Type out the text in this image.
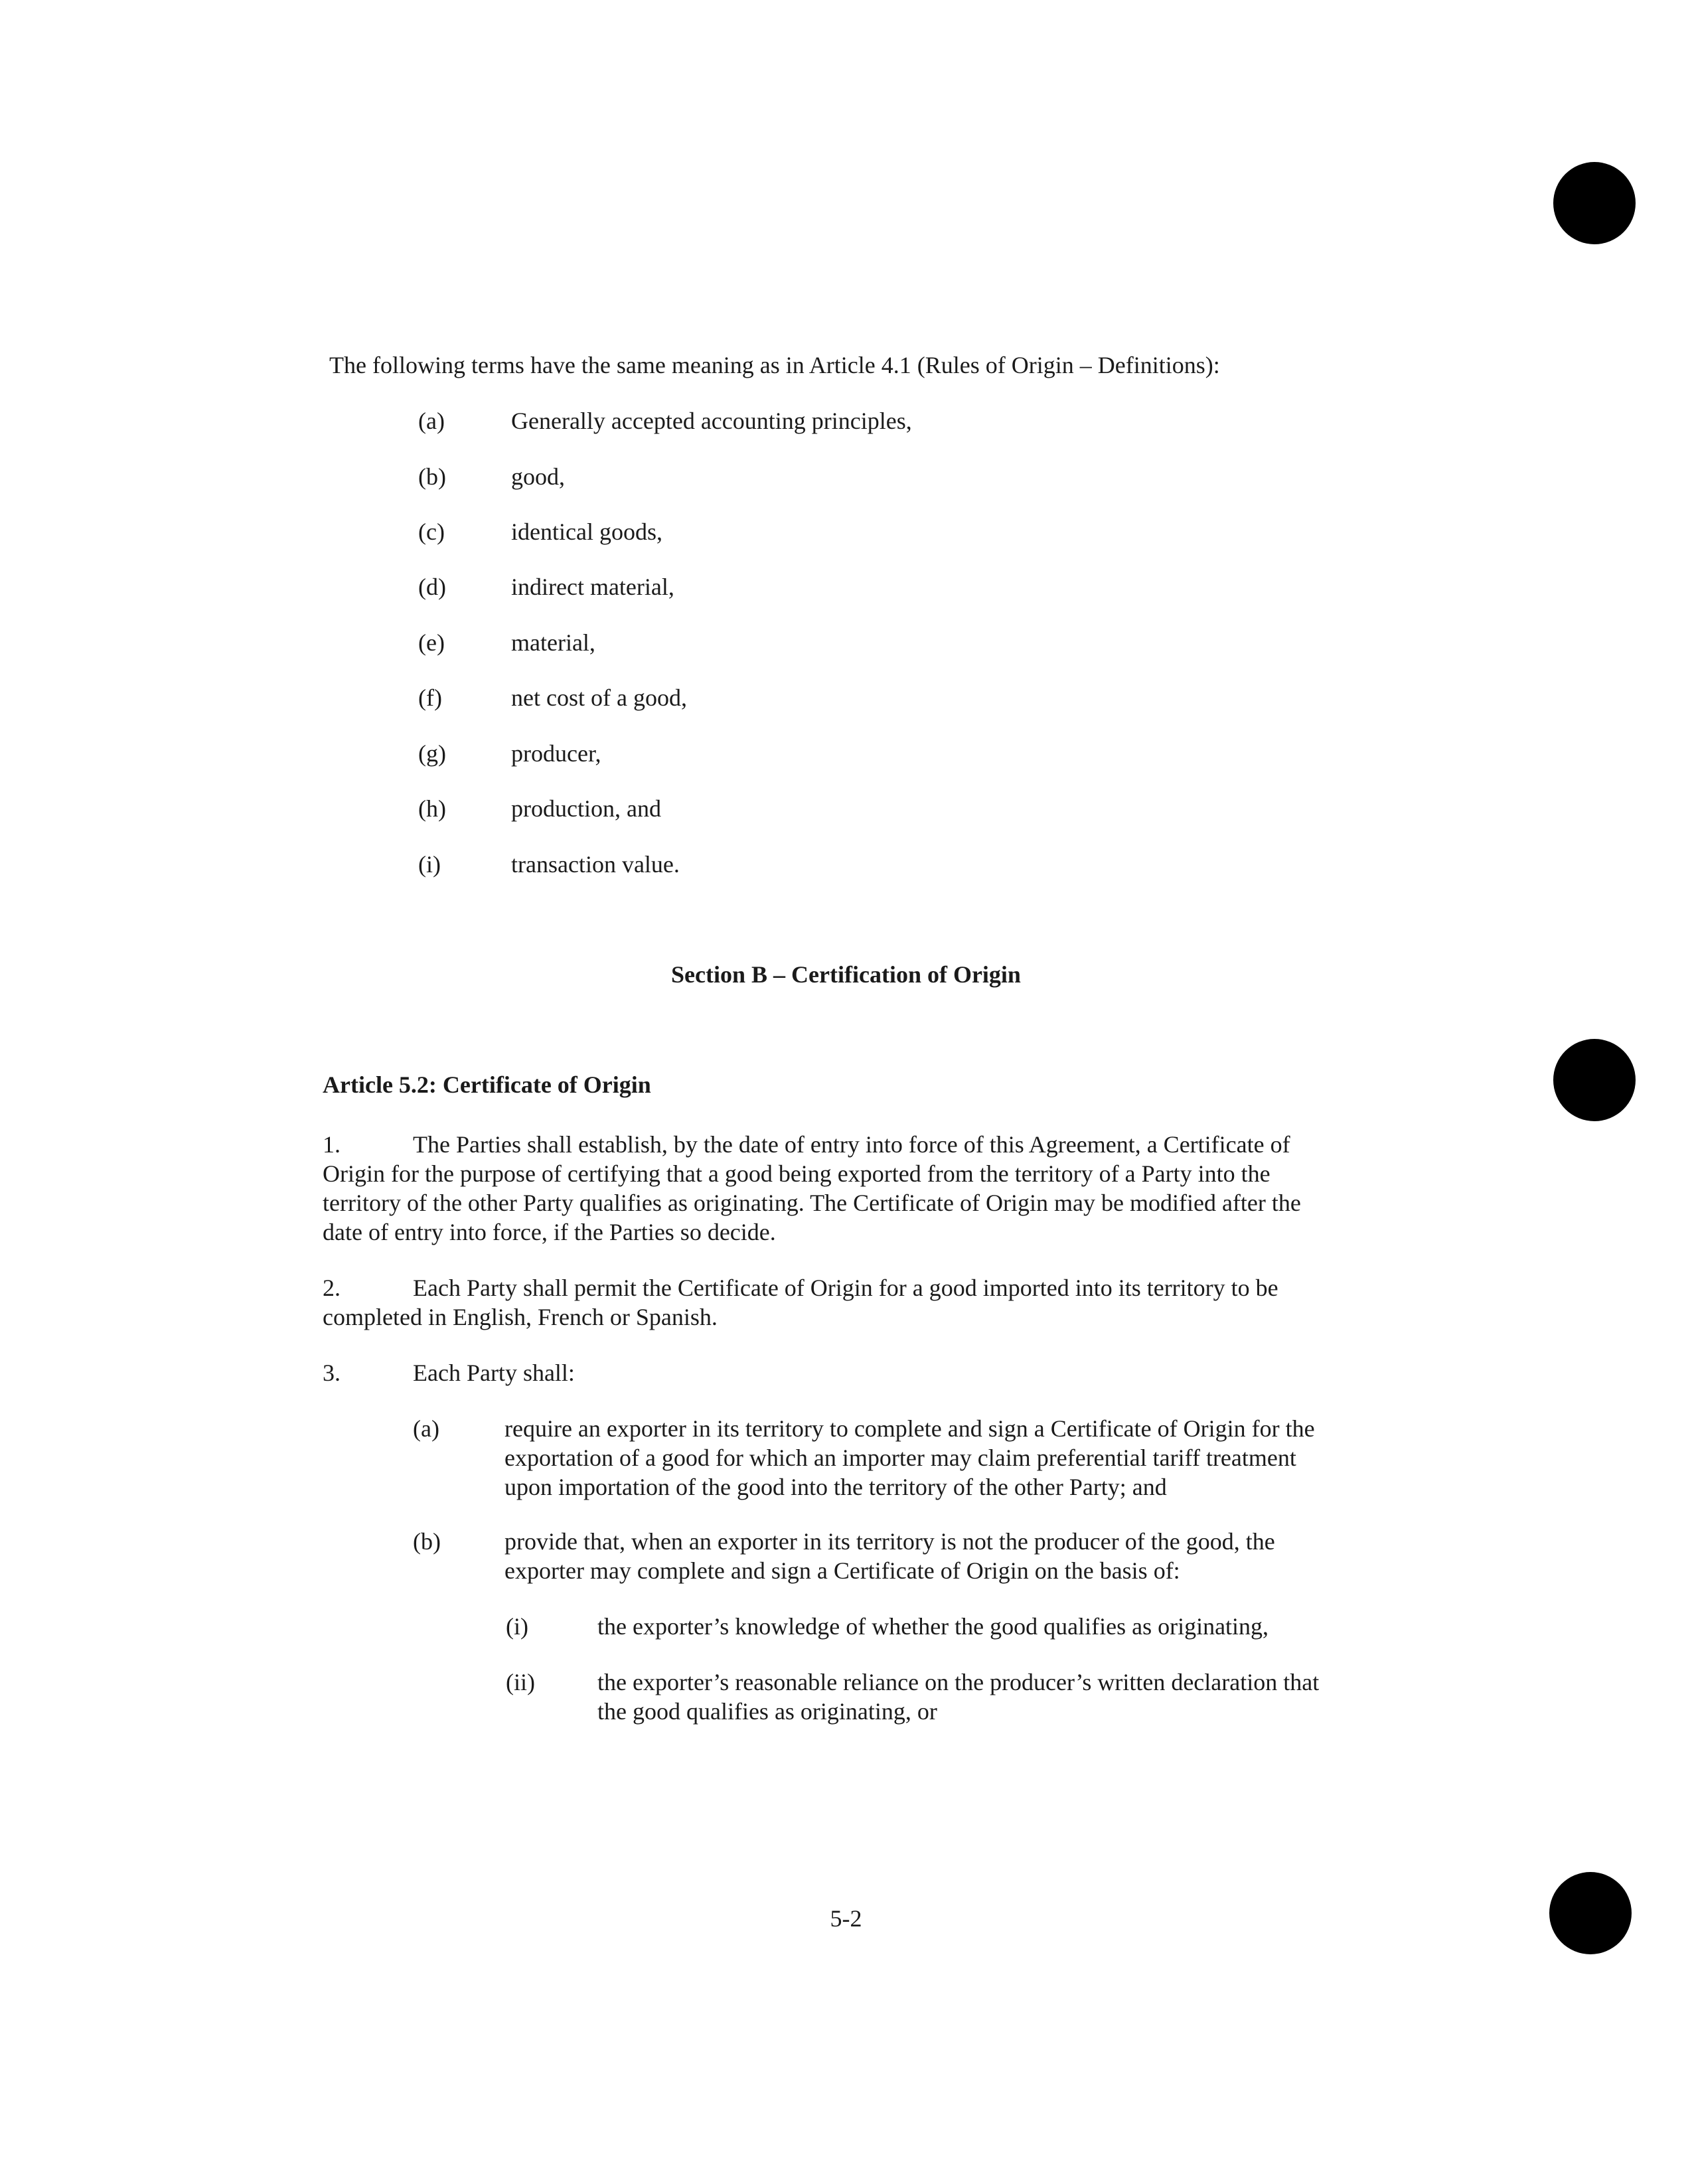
The following terms have the same meaning as in Article 4.1 (Rules of Origin – Definitions):
(a)	Generally accepted accounting principles,
(b)	good,
(c)	identical goods,
(d)	indirect material,
(e)	material,
(f)	net cost of a good,
(g)	producer,
(h)	production, and
(i)	transaction value.
Section B – Certification of Origin
Article 5.2: Certificate of Origin
1.	The Parties shall establish, by the date of entry into force of this Agreement, a Certificate of Origin for the purpose of certifying that a good being exported from the territory of a Party into the territory of the other Party qualifies as originating. The Certificate of Origin may be modified after the date of entry into force, if the Parties so decide.
2.	Each Party shall permit the Certificate of Origin for a good imported into its territory to be completed in English, French or Spanish.
3.	Each Party shall:
(a)	require an exporter in its territory to complete and sign a Certificate of Origin for the exportation of a good for which an importer may claim preferential tariff treatment upon importation of the good into the territory of the other Party; and
(b)	provide that, when an exporter in its territory is not the producer of the good, the exporter may complete and sign a Certificate of Origin on the basis of:
(i)	the exporter’s knowledge of whether the good qualifies as originating,
(ii)	the exporter’s reasonable reliance on the producer’s written declaration that the good qualifies as originating, or
5-2
